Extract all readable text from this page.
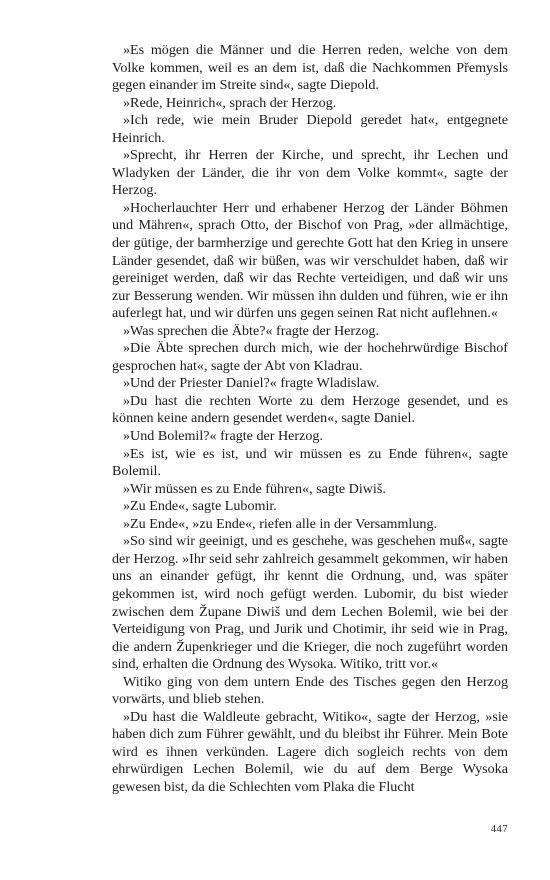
»Es mögen die Männer und die Herren reden, welche von dem Volke kommen, weil es an dem ist, daß die Nachkommen Přemysls gegen einander im Streite sind«, sagte Diepold.

»Rede, Heinrich«, sprach der Herzog.

»Ich rede, wie mein Bruder Diepold geredet hat«, entgegnete Heinrich.

»Sprecht, ihr Herren der Kirche, und sprecht, ihr Lechen und Wladyken der Länder, die ihr von dem Volke kommt«, sagte der Herzog.

»Hocherlauchter Herr und erhabener Herzog der Länder Böhmen und Mähren«, sprach Otto, der Bischof von Prag, »der allmächtige, der gütige, der barmherzige und gerechte Gott hat den Krieg in unsere Länder gesendet, daß wir büßen, was wir verschuldet haben, daß wir gereiniget werden, daß wir das Rechte verteidigen, und daß wir uns zur Besserung wenden. Wir müssen ihn dulden und führen, wie er ihn auferlegt hat, und wir dürfen uns gegen seinen Rat nicht auflehnen.«

»Was sprechen die Äbte?« fragte der Herzog.

»Die Äbte sprechen durch mich, wie der hochehrwürdige Bischof gesprochen hat«, sagte der Abt von Kladrau.

»Und der Priester Daniel?« fragte Wladislaw.

»Du hast die rechten Worte zu dem Herzoge gesendet, und es können keine andern gesendet werden«, sagte Daniel.

»Und Bolemil?« fragte der Herzog.

»Es ist, wie es ist, und wir müssen es zu Ende führen«, sagte Bolemil.

»Wir müssen es zu Ende führen«, sagte Diwiš.

»Zu Ende«, sagte Lubomir.

»Zu Ende«, »zu Ende«, riefen alle in der Versammlung.

»So sind wir geeinigt, und es geschehe, was geschehen muß«, sagte der Herzog. »Ihr seid sehr zahlreich gesammelt gekommen, wir haben uns an einander gefügt, ihr kennt die Ordnung, und, was später gekommen ist, wird noch gefügt werden. Lubomir, du bist wieder zwischen dem Župane Diwiš und dem Lechen Bolemil, wie bei der Verteidigung von Prag, und Jurik und Chotimir, ihr seid wie in Prag, die andern Župenkrieger und die Krieger, die noch zugeführt worden sind, erhalten die Ordnung des Wysoka. Witiko, tritt vor.«

Witiko ging von dem untern Ende des Tisches gegen den Herzog vorwärts, und blieb stehen.

»Du hast die Waldleute gebracht, Witiko«, sagte der Herzog, »sie haben dich zum Führer gewählt, und du bleibst ihr Führer. Mein Bote wird es ihnen verkünden. Lagere dich sogleich rechts von dem ehrwürdigen Lechen Bolemil, wie du auf dem Berge Wysoka gewesen bist, da die Schlechten vom Plaka die Flucht

447
